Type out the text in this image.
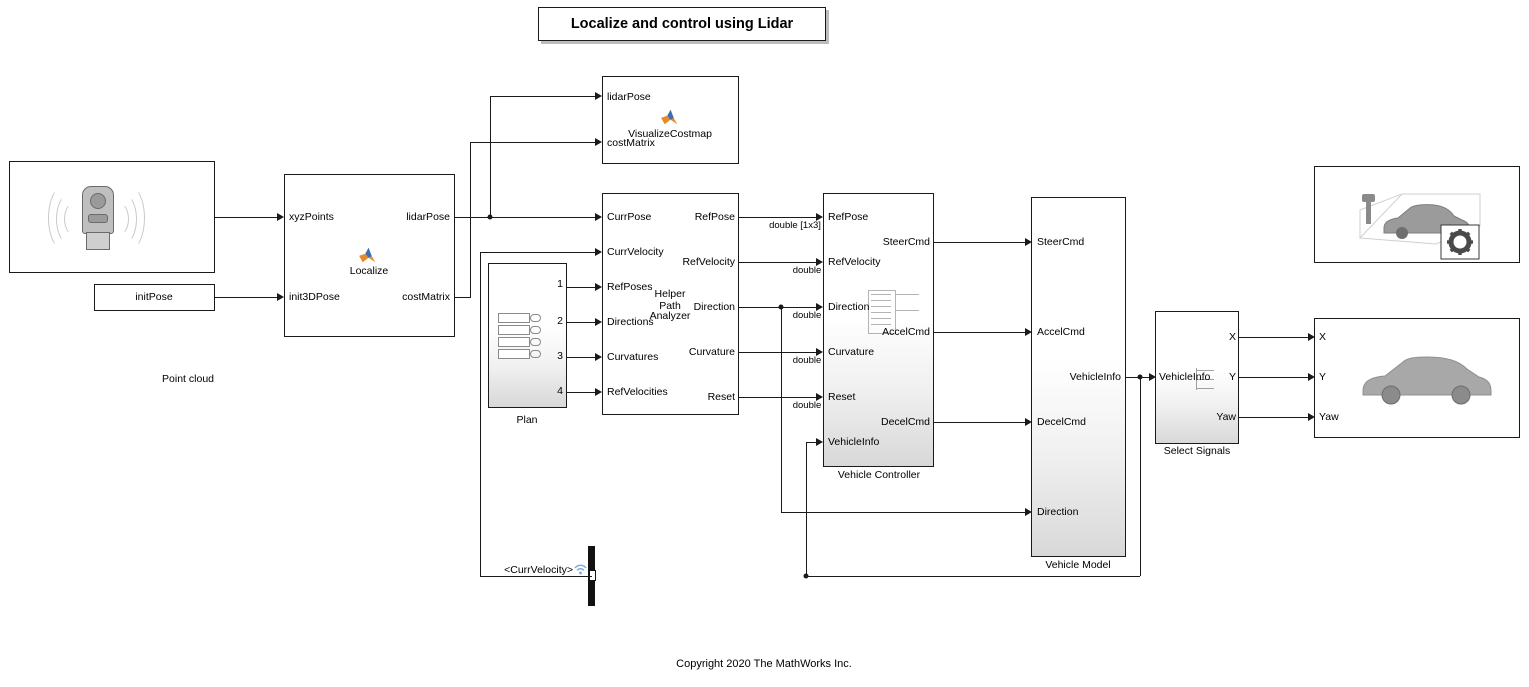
Localize and control using Lidar
Point cloud
initPose
Localize
xyzPoints
init3DPose
lidarPose
costMatrix
VisualizeCostmap
lidarPose
costMatrix
1
2
3
4
Plan
Helper
Path
Analyzer
CurrPose
CurrVelocity
RefPoses
Directions
Curvatures
RefVelocities
RefPose
RefVelocity
Direction
Curvature
Reset
Vehicle Controller
RefPose
RefVelocity
Direction
Curvature
Reset
VehicleInfo
SteerCmd
AccelCmd
DecelCmd
Vehicle Model
SteerCmd
AccelCmd
DecelCmd
Direction
VehicleInfo
Select Signals
VehicleInfo
X
Y
Yaw
X
Y
Yaw
<CurrVelocity>
double [1x3]
double
double
double
double
Copyright 2020 The MathWorks Inc.
